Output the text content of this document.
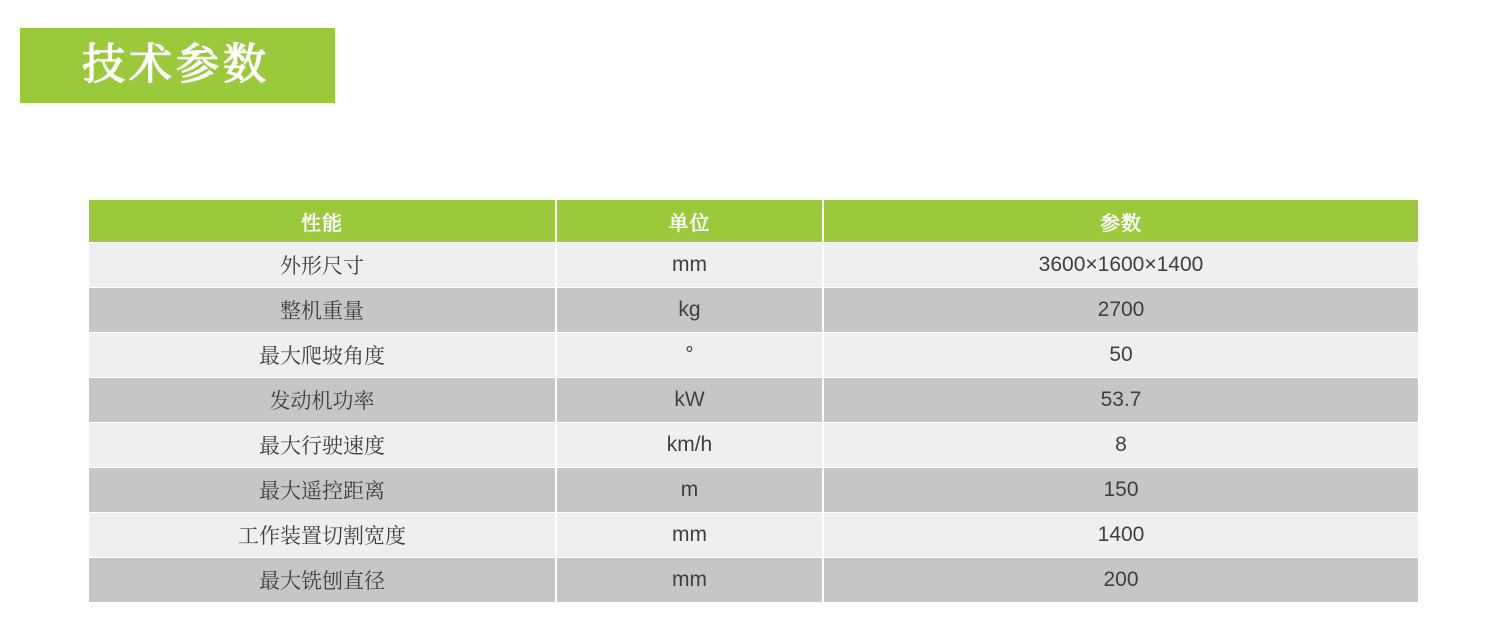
技术参数
性能	单位	参数
外形尺寸	mm	3600×1600×1400
整机重量	kg	2700
最大爬坡角度	°	50
发动机功率	kW	53.7
最大行驶速度	km/h	8
最大遥控距离	m	150
工作装置切割宽度	mm	1400
最大铣刨直径	mm	200
